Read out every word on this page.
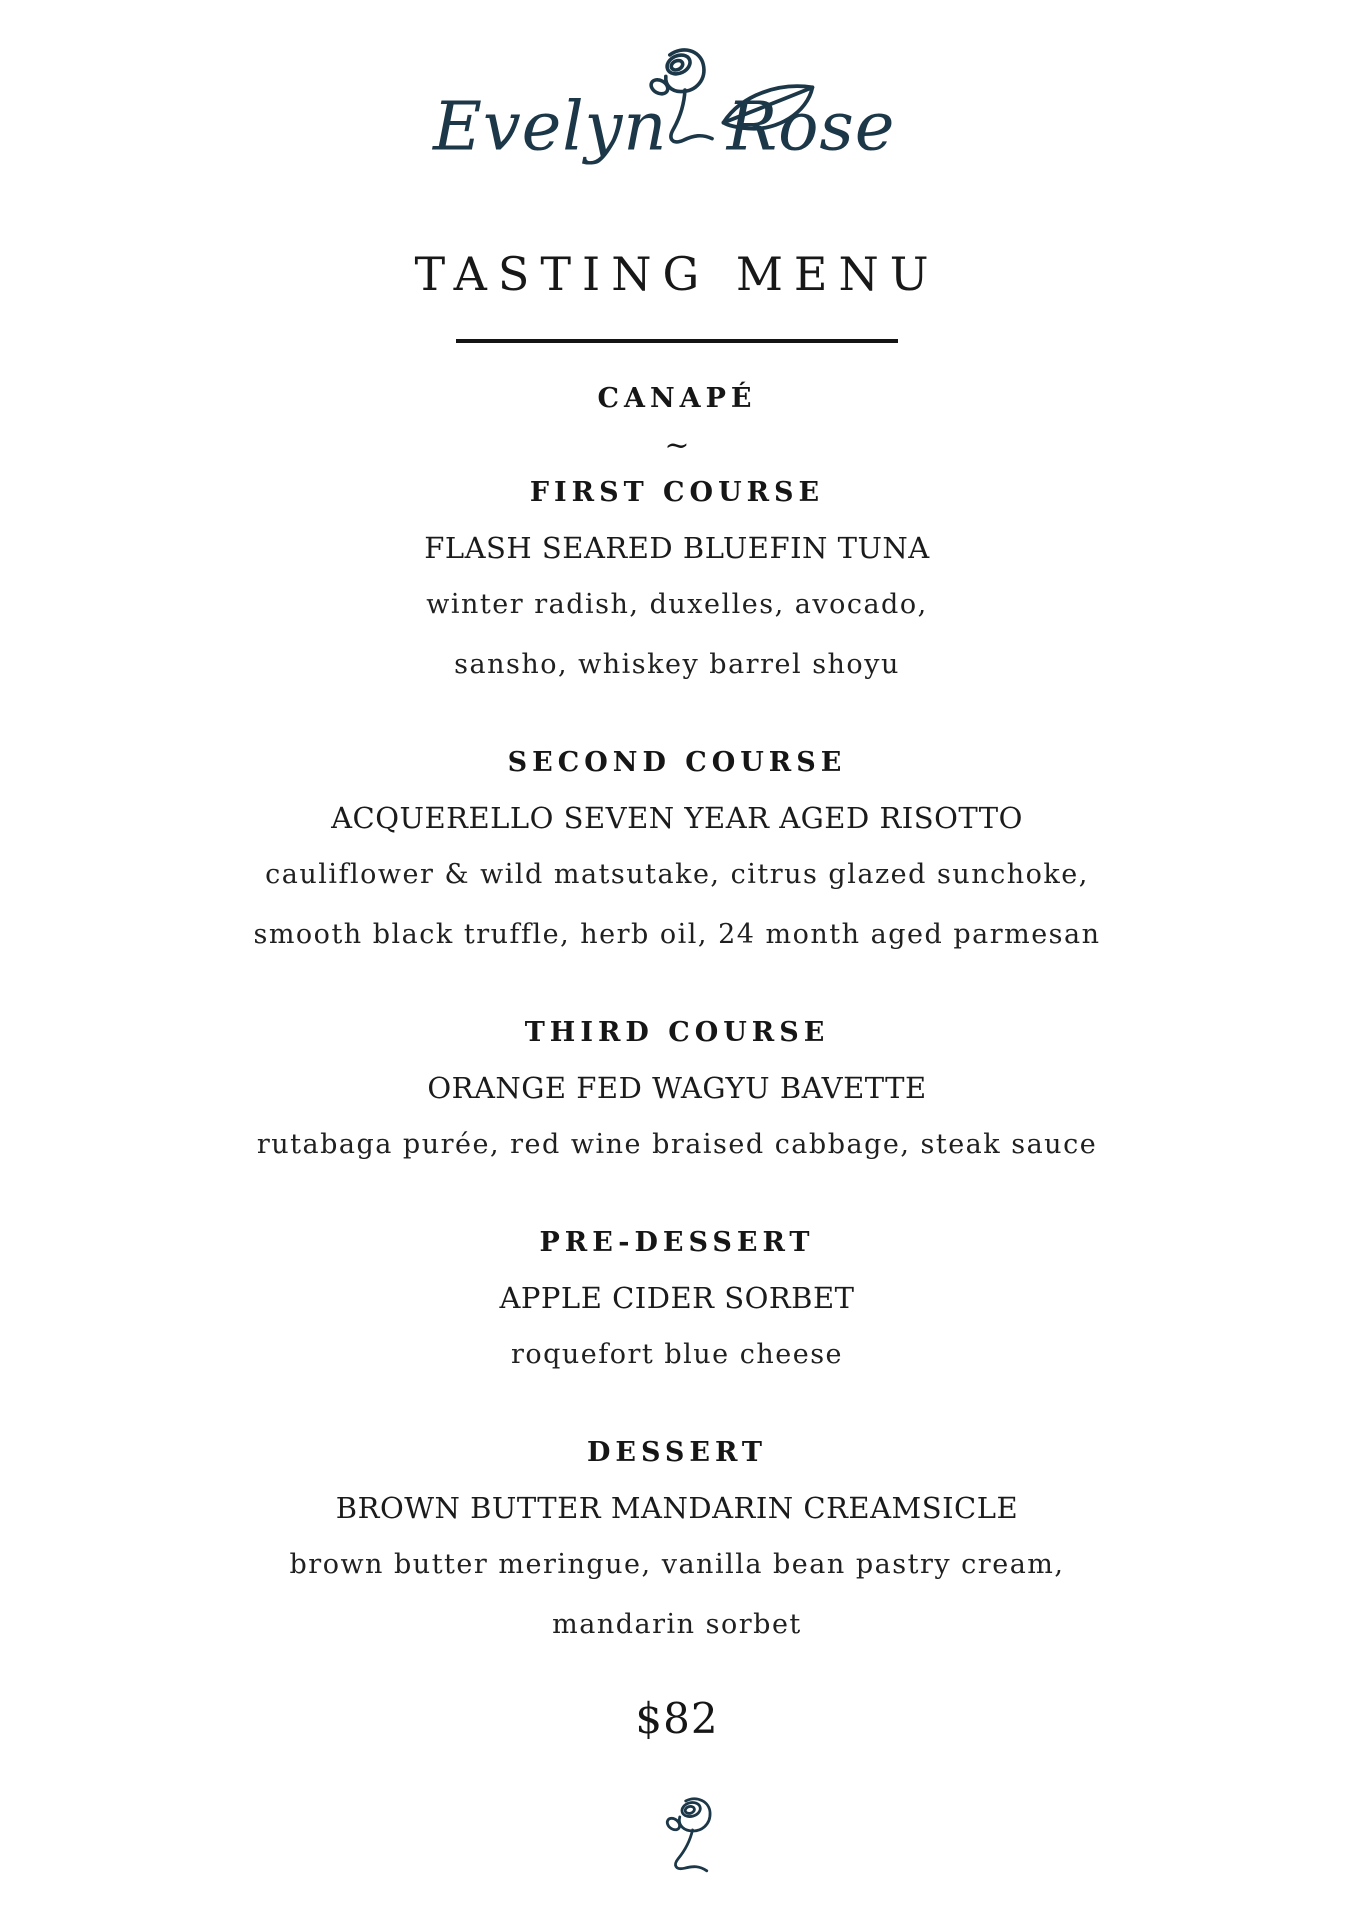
Evelyn Rose
TASTING MENU
CANAPÉ
~
FIRST COURSE
FLASH SEARED BLUEFIN TUNA
winter radish, duxelles, avocado,
sansho, whiskey barrel shoyu
SECOND COURSE
ACQUERELLO SEVEN YEAR AGED RISOTTO
cauliflower & wild matsutake, citrus glazed sunchoke,
smooth black truffle, herb oil, 24 month aged parmesan
THIRD COURSE
ORANGE FED WAGYU BAVETTE
rutabaga purée, red wine braised cabbage, steak sauce
PRE-DESSERT
APPLE CIDER SORBET
roquefort blue cheese
DESSERT
BROWN BUTTER MANDARIN CREAMSICLE
brown butter meringue, vanilla bean pastry cream,
mandarin sorbet
$82
